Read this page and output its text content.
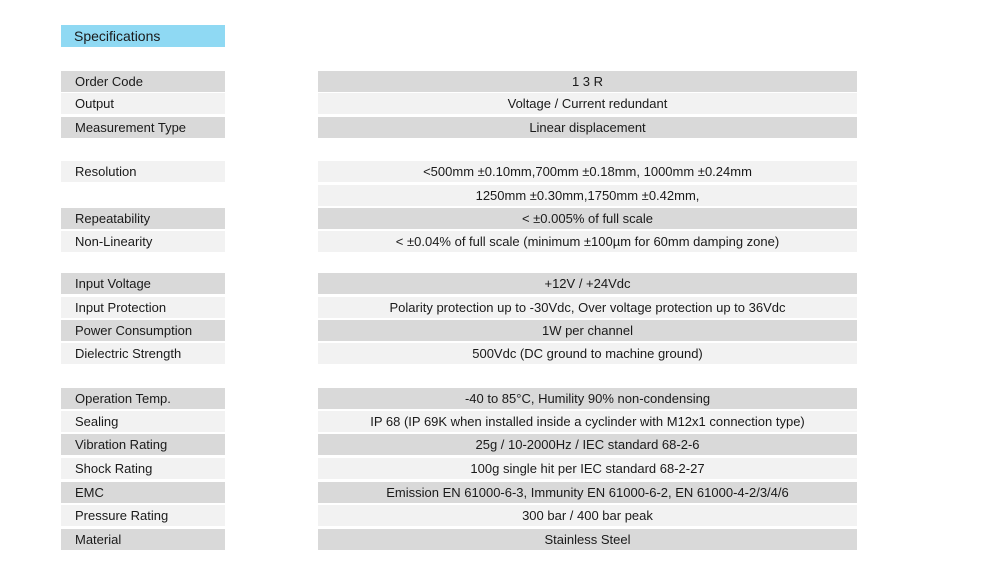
Specifications
Order Code	1 3 R
Output	Voltage / Current redundant
Measurement Type	Linear displacement
Resolution	<500mm ±0.10mm,700mm ±0.18mm, 1000mm ±0.24mm
1250mm ±0.30mm,1750mm ±0.42mm,
Repeatability	< ±0.005% of full scale
Non-Linearity	< ±0.04% of full scale (minimum ±100µm for 60mm damping zone)
Input Voltage	+12V / +24Vdc
Input Protection	Polarity protection up to -30Vdc, Over voltage protection up to 36Vdc
Power Consumption	1W per channel
Dielectric Strength	500Vdc (DC ground to machine ground)
Operation Temp.	-40 to 85°C, Humility 90% non-condensing
Sealing	IP 68 (IP 69K when installed inside a cyclinder with M12x1 connection type)
Vibration Rating	25g / 10-2000Hz / IEC standard 68-2-6
Shock Rating	100g single hit per IEC standard 68-2-27
EMC	Emission EN 61000-6-3, Immunity EN 61000-6-2, EN 61000-4-2/3/4/6
Pressure Rating	300 bar / 400 bar peak
Material	Stainless Steel
